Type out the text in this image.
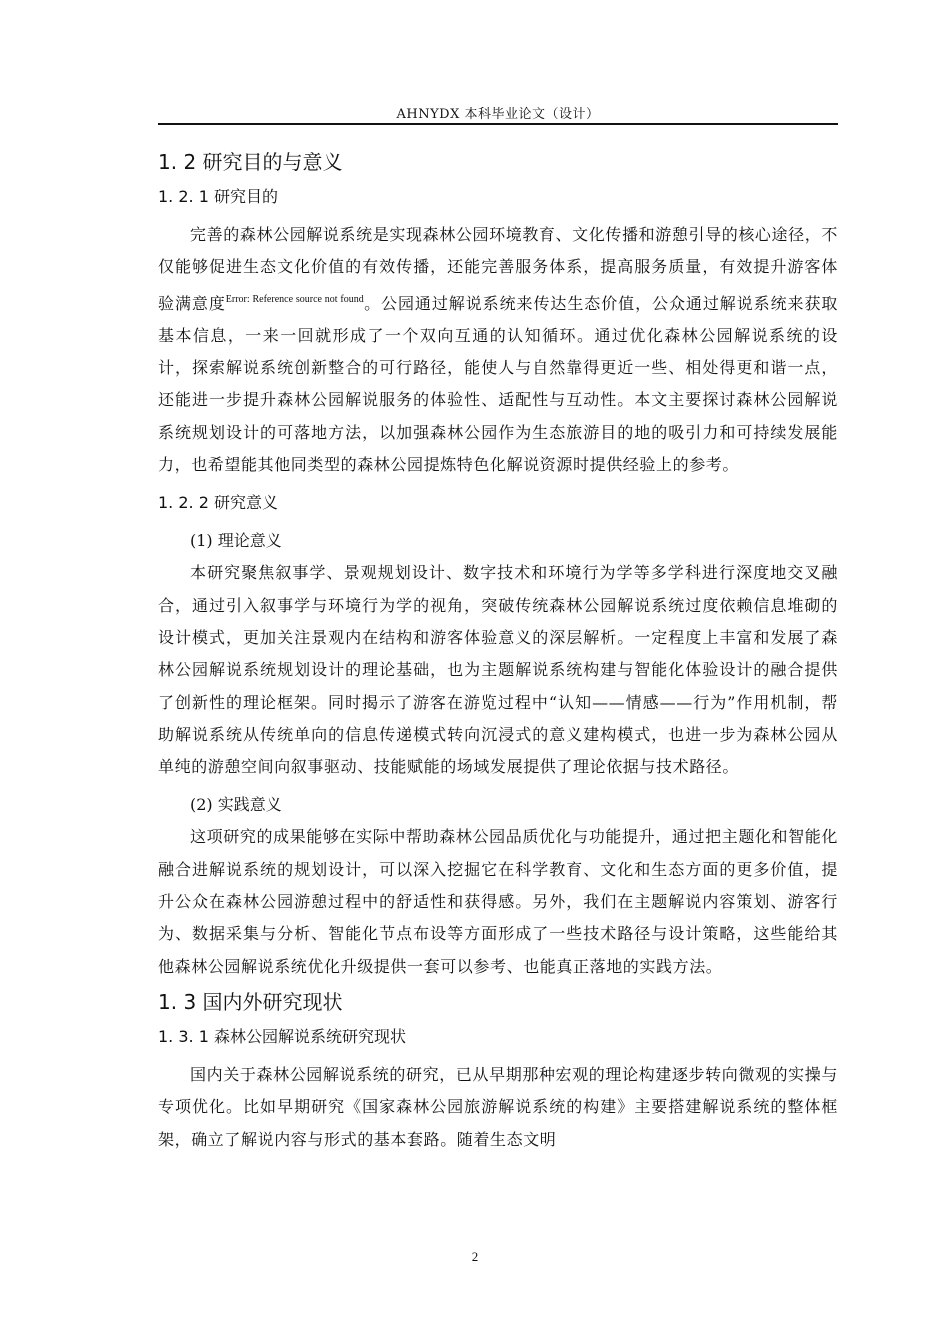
AHNYDX 本科毕业论文（设计）
1. 2 研究目的与意义
1. 2. 1 研究目的

完善的森林公园解说系统是实现森林公园环境教育、文化传播和游憩引导的核心途径，不仅能够促进生态文化价值的有效传播，还能完善服务体系，提高服务质量，有效提升游客体验满意度$^{Error: Reference source not found}$。公园通过解说系统来传达生态价值，公众通过解说系统来获取基本信息，一来一回就形成了一个双向互通的认知循环。通过优化森林公园解说系统的设计，探索解说系统创新整合的可行路径，能使人与自然靠得更近一些、相处得更和谐一点，还能进一步提升森林公园解说服务的体验性、适配性与互动性。本文主要探讨森林公园解说系统规划设计的可落地方法，以加强森林公园作为生态旅游目的地的吸引力和可持续发展能力，也希望能其他同类型的森林公园提炼特色化解说资源时提供经验上的参考。

1. 2. 2 研究意义

(1) 理论意义

本研究聚焦叙事学、景观规划设计、数字技术和环境行为学等多学科进行深度地交叉融合，通过引入叙事学与环境行为学的视角，突破传统森林公园解说系统过度依赖信息堆砌的设计模式，更加关注景观内在结构和游客体验意义的深层解析。一定程度上丰富和发展了森林公园解说系统规划设计的理论基础，也为主题解说系统构建与智能化体验设计的融合提供了创新性的理论框架。同时揭示了游客在游览过程中“认知——情感——行为”作用机制，帮助解说系统从传统单向的信息传递模式转向沉浸式的意义建构模式，也进一步为森林公园从单纯的游憩空间向叙事驱动、技能赋能的场域发展提供了理论依据与技术路径。

(2) 实践意义

这项研究的成果能够在实际中帮助森林公园品质优化与功能提升，通过把主题化和智能化融合进解说系统的规划设计，可以深入挖掘它在科学教育、文化和生态方面的更多价值，提升公众在森林公园游憩过程中的舒适性和获得感。另外，我们在主题解说内容策划、游客行为、数据采集与分析、智能化节点布设等方面形成了一些技术路径与设计策略，这些能给其他森林公园解说系统优化升级提供一套可以参考、也能真正落地的实践方法。

1. 3 国内外研究现状
1. 3. 1 森林公园解说系统研究现状

国内关于森林公园解说系统的研究，已从早期那种宏观的理论构建逐步转向微观的实操与专项优化。比如早期研究《国家森林公园旅游解说系统的构建》主要搭建解说系统的整体框架，确立了解说内容与形式的基本套路。随着生态文明

2
